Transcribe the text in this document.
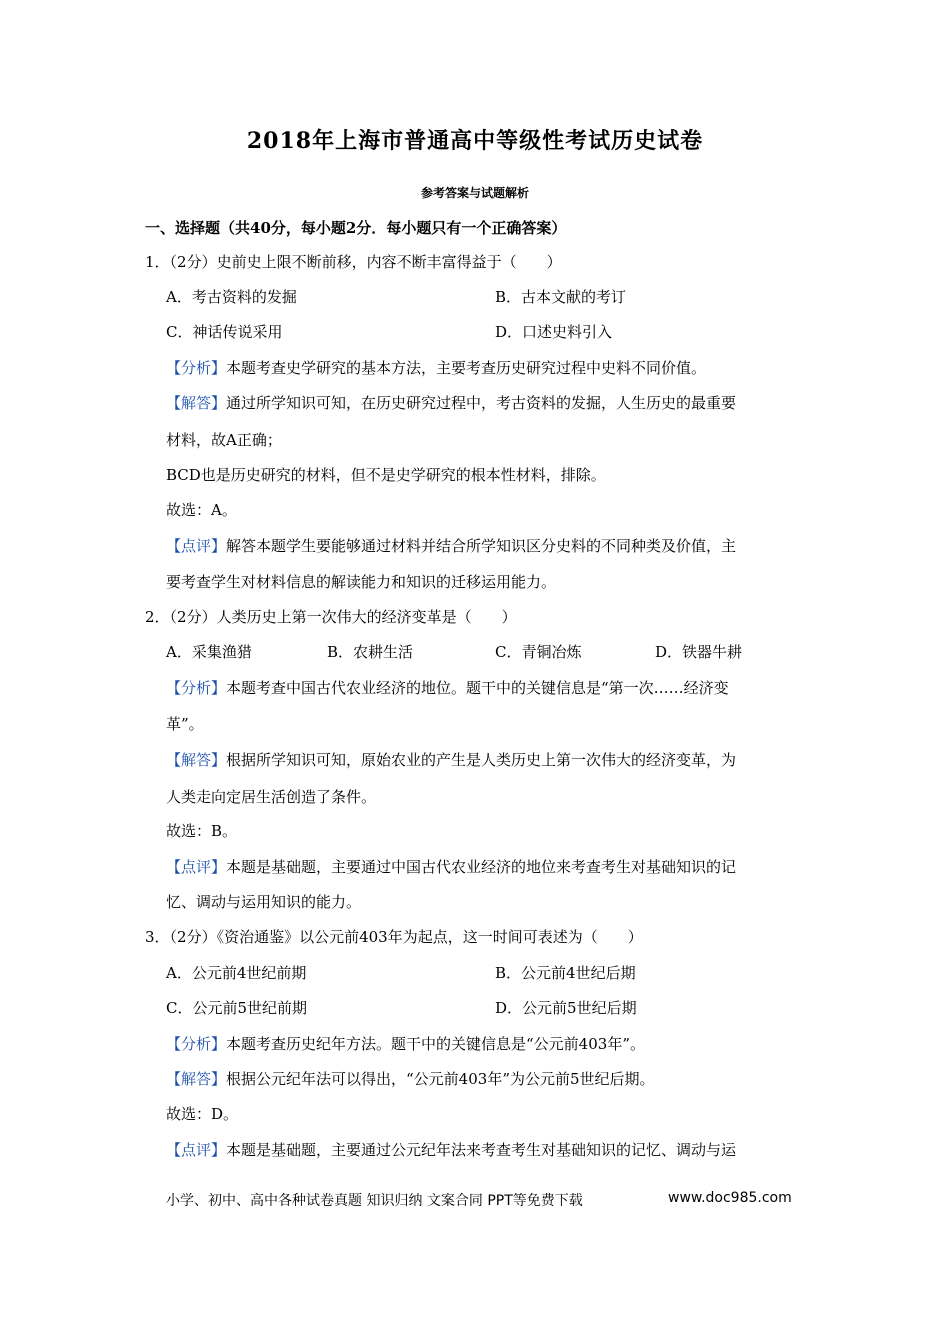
2018年上海市普通高中等级性考试历史试卷
参考答案与试题解析
一、选择题（共40分，每小题2分．每小题只有一个正确答案）
1．（2分）史前史上限不断前移，内容不断丰富得益于（　　）
A．考古资料的发掘	B．古本文献的考订
C．神话传说采用	D．口述史料引入
【分析】本题考查史学研究的基本方法，主要考查历史研究过程中史料不同价值。
【解答】通过所学知识可知，在历史研究过程中，考古资料的发掘，人生历史的最重要
材料，故A正确；
BCD也是历史研究的材料，但不是史学研究的根本性材料，排除。
故选：A。
【点评】解答本题学生要能够通过材料并结合所学知识区分史料的不同种类及价值，主
要考查学生对材料信息的解读能力和知识的迁移运用能力。
2．（2分）人类历史上第一次伟大的经济变革是（　　）
A．采集渔猎	B．农耕生活	C．青铜冶炼	D．铁器牛耕
【分析】本题考查中国古代农业经济的地位。题干中的关键信息是“第一次……经济变
革”。
【解答】根据所学知识可知，原始农业的产生是人类历史上第一次伟大的经济变革，为
人类走向定居生活创造了条件。
故选：B。
【点评】本题是基础题，主要通过中国古代农业经济的地位来考查考生对基础知识的记
忆、调动与运用知识的能力。
3．（2分）《资治通鉴》以公元前403年为起点，这一时间可表述为（　　）
A．公元前4世纪前期	B．公元前4世纪后期
C．公元前5世纪前期	D．公元前5世纪后期
【分析】本题考查历史纪年方法。题干中的关键信息是“公元前403年”。
【解答】根据公元纪年法可以得出，“公元前403年”为公元前5世纪后期。
故选：D。
【点评】本题是基础题，主要通过公元纪年法来考查考生对基础知识的记忆、调动与运
小学、初中、高中各种试卷真题 知识归纳 文案合同 PPT等免费下载	www.doc985.com
